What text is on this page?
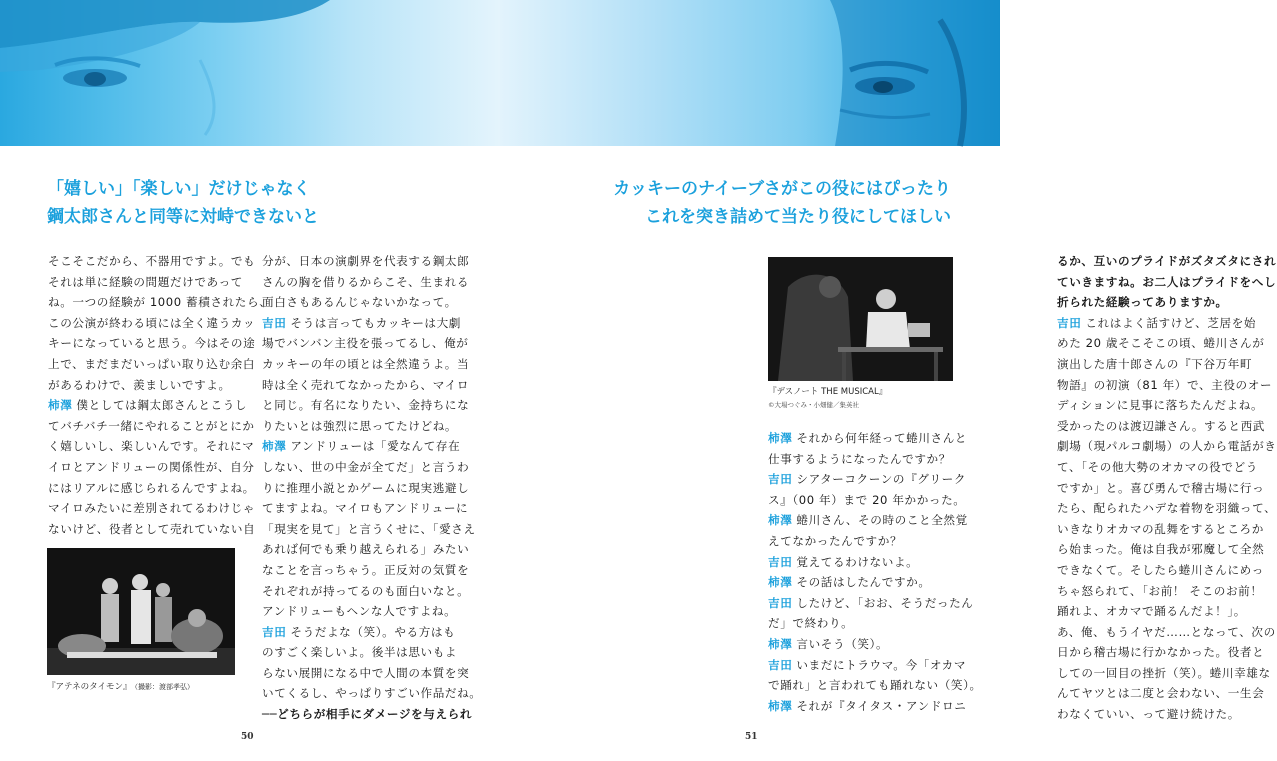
「嬉しい」「楽しい」だけじゃなく
鋼太郎さんと同等に対峙できないと

そこそこだから、不器用ですよ。でも

それは単に経験の問題だけであって

ね。一つの経験が 1000 蓄積されたら、

この公演が終わる頃には全く違うカッ

キーになっていると思う。今はその途

上で、まだまだいっぱい取り込む余白

があるわけで、羨ましいですよ。

柿澤 僕としては鋼太郎さんとこうし

てバチバチ一緒にやれることがとにか

く嬉しいし、楽しいんです。それにマ

イロとアンドリューの関係性が、自分

にはリアルに感じられるんですよね。

マイロみたいに差別されてるわけじゃ

ないけど、役者として売れていない自

分が、日本の演劇界を代表する鋼太郎

さんの胸を借りるからこそ、生まれる

面白さもあるんじゃないかなって。

吉田 そうは言ってもカッキーは大劇

場でバンバン主役を張ってるし、俺が

カッキーの年の頃とは全然違うよ。当

時は全く売れてなかったから、マイロ

と同じ。有名になりたい、金持ちにな

りたいとは強烈に思ってたけどね。

柿澤 アンドリューは「愛なんて存在

しない、世の中金が全てだ」と言うわ

りに推理小説とかゲームに現実逃避し

てますよね。マイロもアンドリューに

「現実を見て」と言うくせに、「愛さえ

あれば何でも乗り越えられる」みたい

なことを言っちゃう。正反対の気質を

それぞれが持ってるのも面白いなと。

アンドリューもヘンな人ですよね。

吉田 そうだよな（笑）。やる方はも

のすごく楽しいよ。後半は思いもよ

らない展開になる中で人間の本質を突

いてくるし、やっぱりすごい作品だね。

──どちらが相手にダメージを与えられ

『アテネのタイモン』 （撮影：渡部孝弘）
50
カッキーのナイーブさがこの役にはぴったり
これを突き詰めて当たり役にしてほしい

るか、互いのプライドがズタズタにされ

ていきますね。お二人はプライドをへし

折られた経験ってありますか。

吉田 これはよく話すけど、芝居を始

めた 20 歳そこそこの頃、蜷川さんが

演出した唐十郎さんの『下谷万年町

物語』の初演（81 年）で、主役のオー

ディションに見事に落ちたんだよね。

受かったのは渡辺謙さん。すると西武

劇場（現パルコ劇場）の人から電話がき

て、「その他大勢のオカマの役でどう

ですか」と。喜び勇んで稽古場に行っ

たら、配られたハデな着物を羽織って、

いきなりオカマの乱舞をするところか

ら始まった。俺は自我が邪魔して全然

できなくて。そしたら蜷川さんにめっ

ちゃ怒られて、「お前！ そこのお前！

踊れよ、オカマで踊るんだよ！」。

あ、俺、もうイヤだ……となって、次の

日から稽古場に行かなかった。役者と

しての一回目の挫折（笑）。蜷川幸雄な

んてヤツとは二度と会わない、一生会

わなくていい、って避け続けた。

『デスノート THE MUSICAL』
©大場つぐみ・小畑健／集英社

柿澤 それから何年経って蜷川さんと

仕事するようになったんですか？

吉田 シアターコクーンの『グリーク

ス』（00 年）まで 20 年かかった。

柿澤 蜷川さん、その時のこと全然覚

えてなかったんですか？

吉田 覚えてるわけないよ。

柿澤 その話はしたんですか。

吉田 したけど、「おお、そうだったん

だ」で終わり。

柿澤 言いそう（笑）。

吉田 いまだにトラウマ。今「オカマ

で踊れ」と言われても踊れない（笑）。

柿澤 それが『タイタス・アンドロニ

51
